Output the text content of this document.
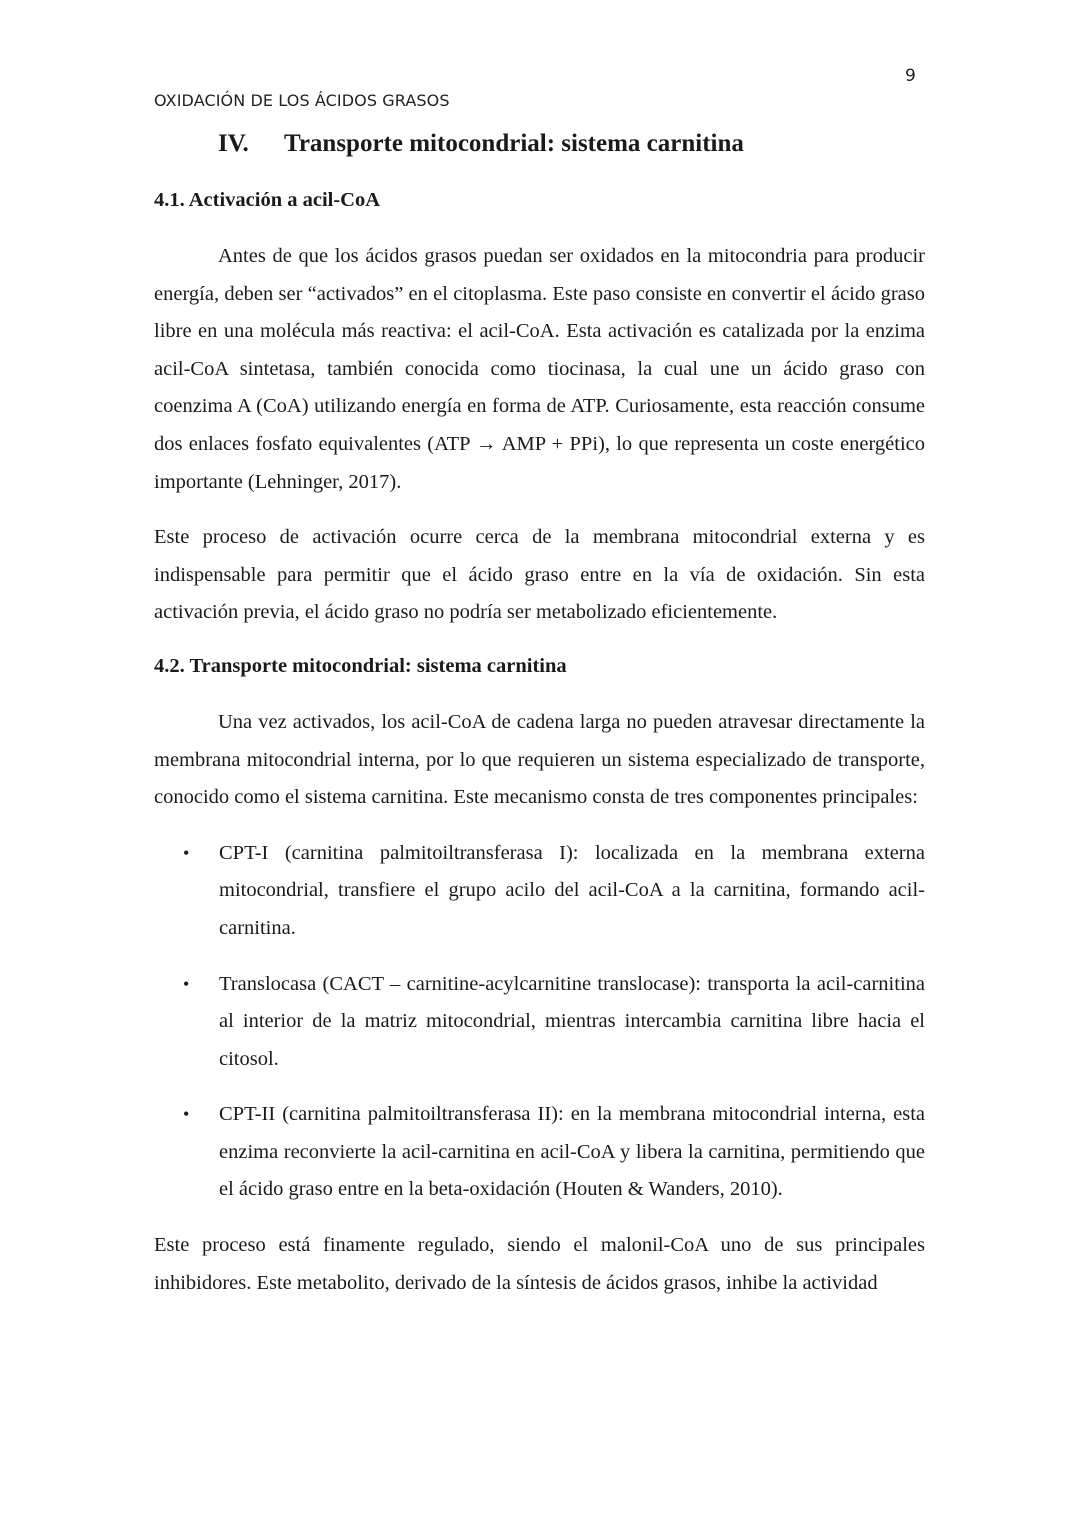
9
OXIDACIÓN DE LOS ÁCIDOS GRASOS
IV.	Transporte mitocondrial: sistema carnitina
4.1. Activación a acil-CoA

Antes de que los ácidos grasos puedan ser oxidados en la mitocondria para producir energía, deben ser “activados” en el citoplasma. Este paso consiste en convertir el ácido graso libre en una molécula más reactiva: el acil-CoA. Esta activación es catalizada por la enzima acil-CoA sintetasa, también conocida como tiocinasa, la cual une un ácido graso con coenzima A (CoA) utilizando energía en forma de ATP. Curiosamente, esta reacción consume dos enlaces fosfato equivalentes (ATP → AMP + PPi), lo que representa un coste energético importante (Lehninger, 2017).

Este proceso de activación ocurre cerca de la membrana mitocondrial externa y es indispensable para permitir que el ácido graso entre en la vía de oxidación. Sin esta activación previa, el ácido graso no podría ser metabolizado eficientemente.

4.2. Transporte mitocondrial: sistema carnitina

Una vez activados, los acil-CoA de cadena larga no pueden atravesar directamente la membrana mitocondrial interna, por lo que requieren un sistema especializado de transporte, conocido como el sistema carnitina. Este mecanismo consta de tres componentes principales:

• CPT-I (carnitina palmitoiltransferasa I): localizada en la membrana externa mitocondrial, transfiere el grupo acilo del acil-CoA a la carnitina, formando acil-carnitina.
• Translocasa (CACT – carnitine-acylcarnitine translocase): transporta la acil-carnitina al interior de la matriz mitocondrial, mientras intercambia carnitina libre hacia el citosol.
• CPT-II (carnitina palmitoiltransferasa II): en la membrana mitocondrial interna, esta enzima reconvierte la acil-carnitina en acil-CoA y libera la carnitina, permitiendo que el ácido graso entre en la beta-oxidación (Houten & Wanders, 2010).

Este proceso está finamente regulado, siendo el malonil-CoA uno de sus principales inhibidores. Este metabolito, derivado de la síntesis de ácidos grasos, inhibe la actividad
